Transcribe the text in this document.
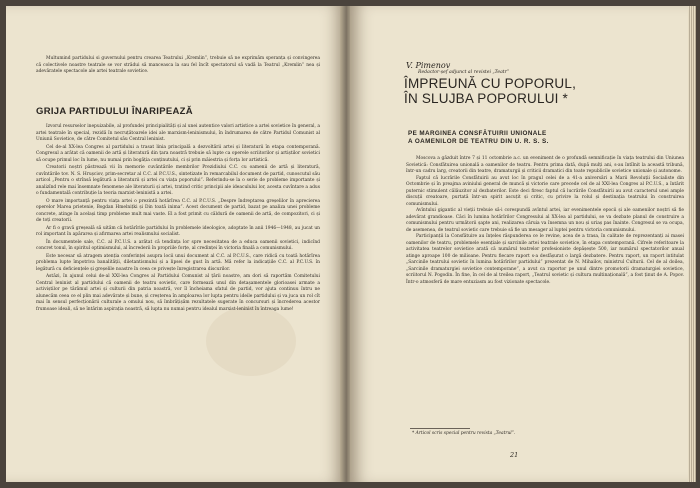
Multumind partidului si guvernului pentru crearea Teatrului „Kremlin”, trebuie să ne exprimăm speranța și convingerea că colectivele noastre teatrale se vor strădui să manceasca la sau fel încît spectatorul să vadă la Teatrul „Kremlin” nea și adevăratele spectacole ale artei teatrale sovietice.
GRIJA PARTIDULUI ÎNARIPEAZĂ

Izvorul resurselor inepuizabile, al profundei principialități și al unei autentice valori artistice a artei sovietice în general, a artei teatrale în special, rezidă în necruțătoarele idei ale marxism-leninismului, în îndrumarea de către Partidul Comunist al Uniunii Sovietice, de către Comitetul său Central leninist.

Cel de-al XX-lea Congres al partidului a trasat linia principală a dezvoltării artei și literaturii în etapa contemporană. Congresul a arătat că oamenii de artă și literatură din țara noastră trebuie să lupte ca operele scriitorilor și artiștilor sovietici să ocupe primul loc în lume, nu numai prin bogăția conținutului, ci și prin măiestria și forța lor artistică.

Creatorii noștri păstrează vii în memorie cuvântările membrilor Prezidiului C.C. cu oamenii de artă și literatură, cuvîntările tov. N. S. Hrușciov, prim-secretar al C.C. al P.C.U.S., sintetizate în remarcabilul document de partid, cunoscutul său articol „Pentru o strînsă legătură a literaturii și artei cu viața poporului”. Referindu-se la o serie de probleme importante și analizînd rele mai însemnate fenomene ale literaturii și artei, tratind critic principii ale ideaculului lor, acesta cuvîntare a adus o fundamentală contribuție la teoria marxist-leninistă a artei.

O mare importanță pentru viața artei o prezintă hotărîrea C.C. al P.C.U.S. „Despre îndreptarea greșelilor în aprecierea operelor Marea prietenie, Bogdan Hmelnițki și Din toată inima”. Acest document de partid, bazat pe analiza unei probleme concrete, atinge în același timp probleme mult mai vaste. El a fost primit cu căldură de oamenii de artă, de compozitori, ci și de toți creatorii.

Ar fi o gravă greșeală să uităm că hotărîrile partidului în problemele ideologice, adoptate în anii 1946—1948, au jucat un rol important în apărarea și afirmarea artei realismului socialist.

În documentele sale, C.C. al P.C.U.S. a arătat că tendința lor spre necesitatea de a educa oamenii sovietici, indicînd concret tonul, în spiritul optimismului, al încrederii în propriile forțe, al credinței în victoria finală a comunismului.

Este necesar să atragem atenția conferinței asupra locii unui document al C.C. al P.C.U.S., care ridică cu toată hotărîrea problema lupte împotriva banalității, diletantismului și a lipsei de gust în artă. Mă refer la indicațiile C.C. al P.C.U.S. în legătură cu deficiențele și greșelile noastre în ceea ce privește înregistrarea discurilor.

Astăzi, în ajunul celui de-al XXI-lea Congres al Partidului Comunist al țării noastre, am dori să raportăm Comitetului Central leninist al partidului că oamenii de teatru sovietic, care formează unul din detașamentele glorioasei armate a activiștilor pe tărâmul artei și culturii din patria noastră, vor îl încheiama sfatul de partid, vor ajuta continuu întru ne alunecăm ceea ce el plin mai adevărate și bune, și creșterea în amploarea lor lupta pentru ideile partidului și va juca un rol cît mai în sensul perfecționării culturale a omului nou, să îmbrățișăm rezultatele sugerate în concursuri și încrederea acestor frumoase ideali, să ne întărim aspirația noastră, să lupta nu numai pentru idealul marxist-leninist în întreaga lume!

V. Pimenov
Redactor-șef adjunct al revistei „Teatr”
ÎMPREUNĂ CU POPORUL,
ÎN SLUJBA POPORULUI *
PE MARGINEA CONSFĂTUIRII UNIONALE
A OAMENILOR DE TEATRU DIN U. R. S. S.

Moscova a găzduit între 7 și 11 octombrie a.c. un eveniment de o profundă semnificație în viața teatrului din Uniunea Sovietică: Consfătuirea unională a oamenilor de teatru. Pentru prima dată, după mulți ani, s-au întîlnit la această tribună, într-un cadru larg, creatorii din teatre, dramaturgii și criticii dramatici din toate republicile sovietice unionale și autonome.

Faptul că lucrările Consfătuirii au avut loc în pragul celei de a 41-a aniversări a Marii Revoluții Socialiste din Octombrie și în preajma aviniului general de muncă și victorie care precede cel de al XXI-lea Congres al P.C.U.S., a întărit puternic stimulent călăuzitor al dezbaterilor. Este deci firesc faptul că lucrările Consfătuirii au avut caracterul unei ample discuții creatoare, purtată într-un spirit ascuțit și critic, cu privire la rolul și destinația teatrului în construirea comunismului.

Avîntului gigantic al vieții trebuie să-i corespundă avîntul artei, iar evenimentele epocii și ale oamenilor noștri să fie adevărat grandioase. Căci în lumina hotărîrilor Congresului al XX-lea al partidului, se va dezbate planul de construire a comunismului pentru următorii șapte ani, realizarea căruia va însemna un nou și uriaș pas înainte. Congresul se va ocupa, de asemenea, de teatrul sovietic care trebuie să fie un mesager al luptei pentru victoria comunismului.

Participanții la Consfătuire au înțeles răspunderea ce le revine, acea de a trasa, în calitate de reprezentanți ai masei oamenilor de teatru, problemele esențiale și sarcinile artei teatrale sovietice, în etapa contemporană. Cifrele referitoare la activitatea teatrelor sovietice arată că numărul teatrelor profesioniste depășește 500, iar numărul spectatorilor anual atinge aproape 100 de milioane. Pentru fiecare raport s-a desfășurat o largă dezbatere. Pentru raport, un raport intitulat „Sarcinile teatrului sovietic în lumina hotărîrilor partidului” prezentat de N. Mihailov, ministrul Culturii. Cel de al doilea, „Sarcinile dramaturgiei sovietice contemporane”, a avut ca raportor pe unul dintre promotorii dramaturgiei sovietice, scriitorul N. Pogodin. În fine, în cel de al treilea raport, „Teatrul sovietic și cultura multinațională”, a fost ținut de A. Popov. Într-o atmosferă de mare entuziasm au fost vizionate spectacole.

* Articol scris special pentru revista „Teatrul”.
21
